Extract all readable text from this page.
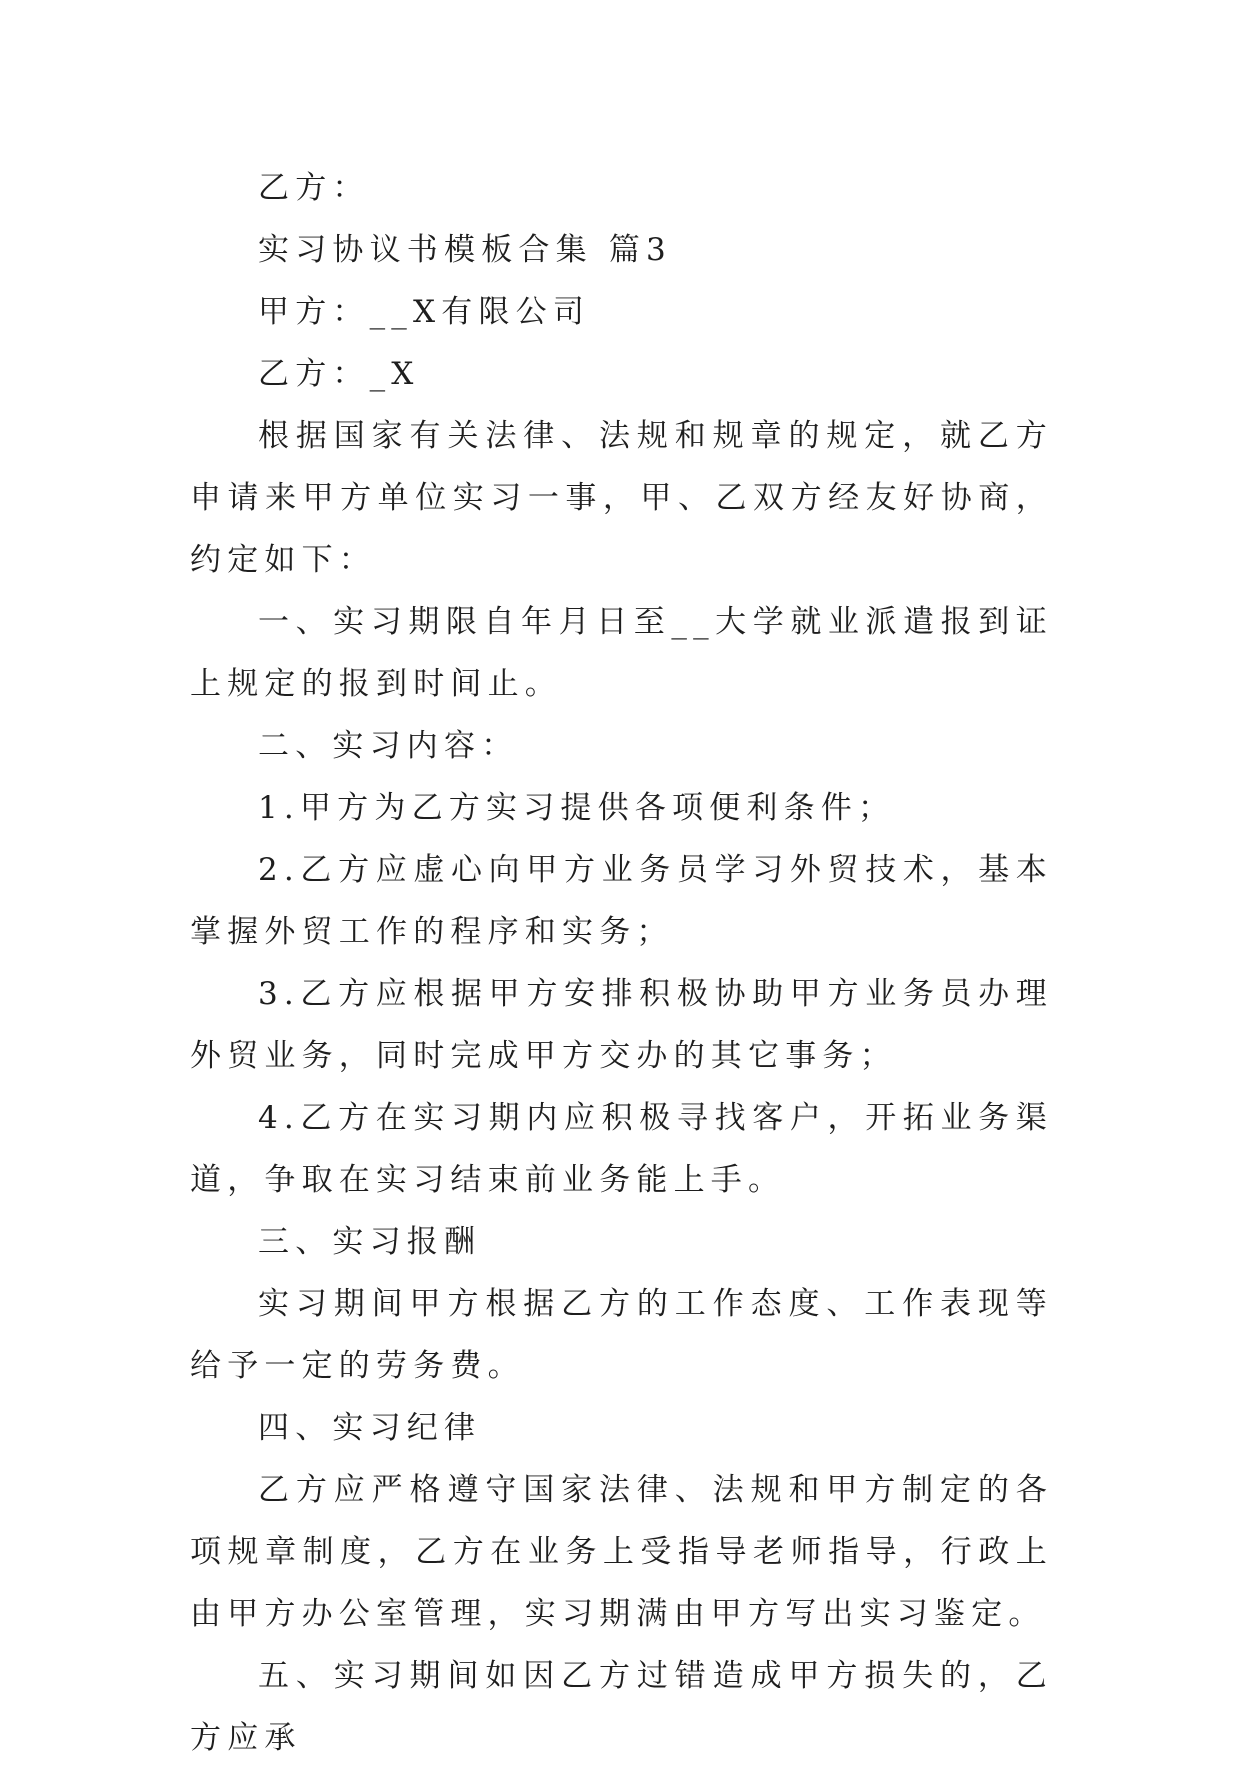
乙方：

实习协议书模板合集 篇3

甲方：__X有限公司

乙方：_X

根据国家有关法律、法规和规章的规定，就乙方申请来甲方单位实习一事，甲、乙双方经友好协商，约定如下：

一、实习期限自年月日至__大学就业派遣报到证上规定的报到时间止。

二、实习内容：

1.甲方为乙方实习提供各项便利条件；

2.乙方应虚心向甲方业务员学习外贸技术，基本掌握外贸工作的程序和实务；

3.乙方应根据甲方安排积极协助甲方业务员办理外贸业务，同时完成甲方交办的其它事务；

4.乙方在实习期内应积极寻找客户，开拓业务渠道，争取在实习结束前业务能上手。

三、实习报酬

实习期间甲方根据乙方的工作态度、工作表现等给予一定的劳务费。

四、实习纪律

乙方应严格遵守国家法律、法规和甲方制定的各项规章制度，乙方在业务上受指导老师指导，行政上由甲方办公室管理，实习期满由甲方写出实习鉴定。

五、实习期间如因乙方过错造成甲方损失的，乙方应承
